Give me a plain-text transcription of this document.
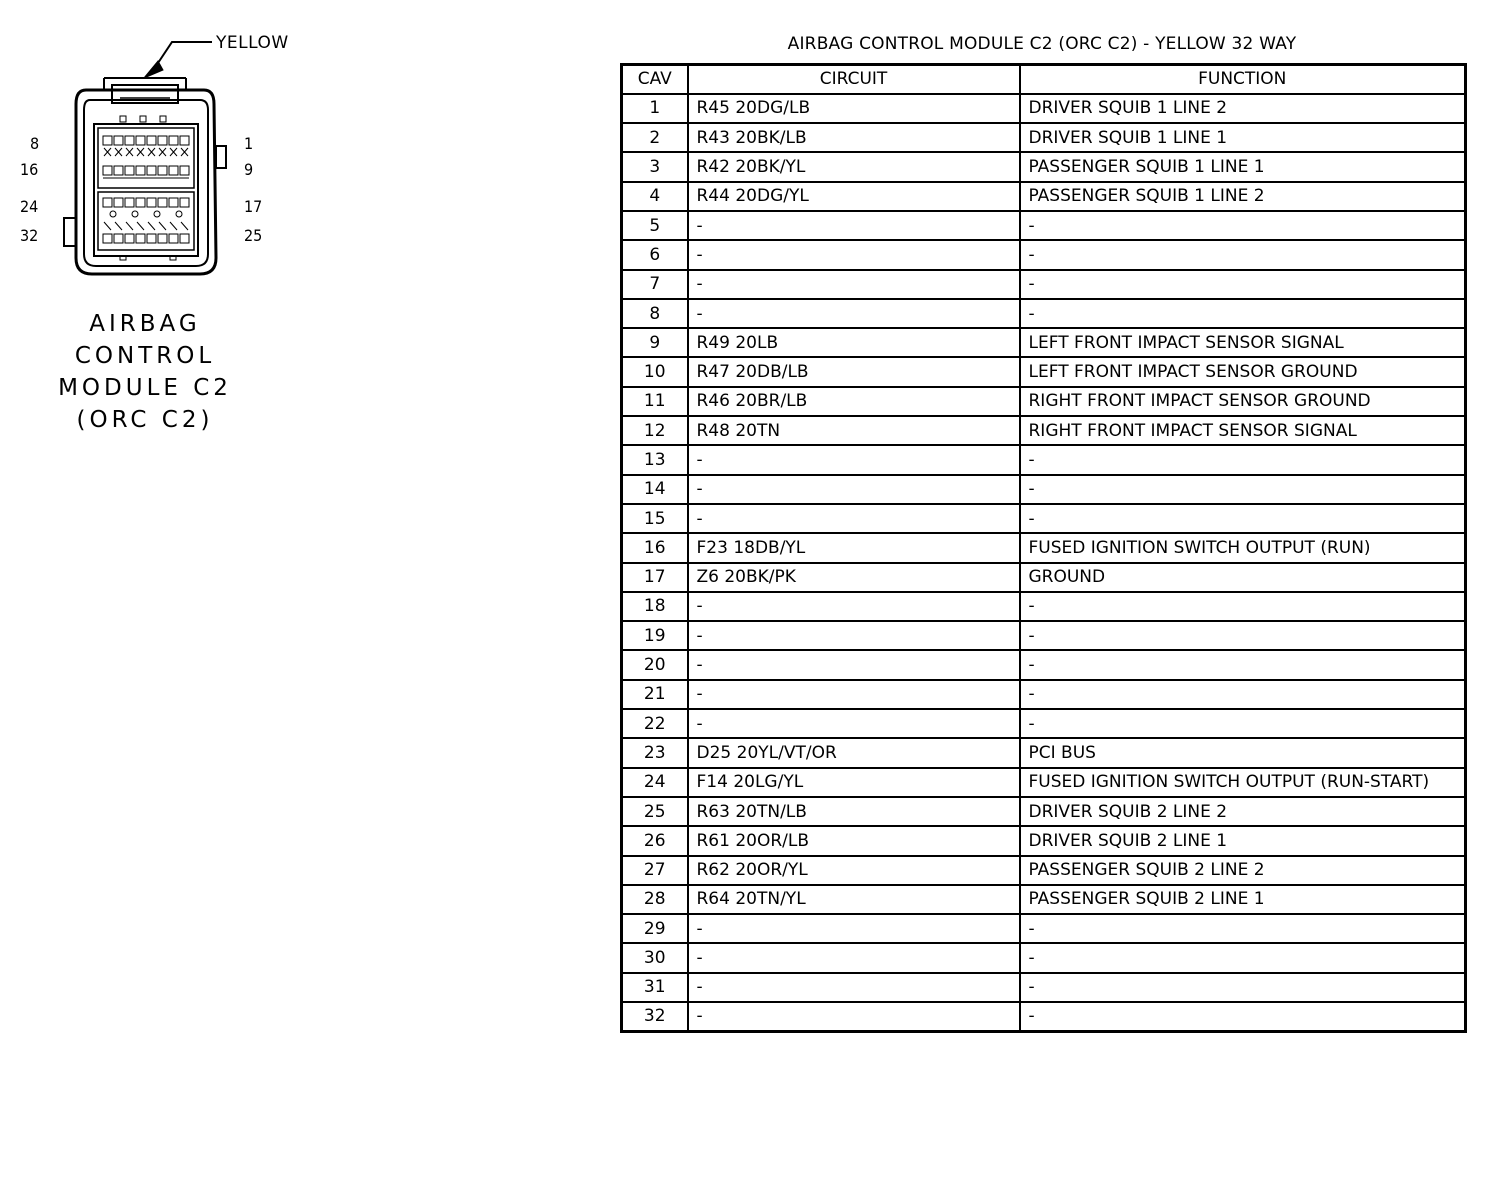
YELLOW
8
16
24
32
1
9
17
25
AIRBAG
CONTROL
MODULE C2
(ORC C2)
AIRBAG CONTROL MODULE C2 (ORC C2) - YELLOW 32 WAY
CAV	CIRCUIT	FUNCTION
1	R45 20DG/LB	DRIVER SQUIB 1 LINE 2
2	R43 20BK/LB	DRIVER SQUIB 1 LINE 1
3	R42 20BK/YL	PASSENGER SQUIB 1 LINE 1
4	R44 20DG/YL	PASSENGER SQUIB 1 LINE 2
5	-	-
6	-	-
7	-	-
8	-	-
9	R49 20LB	LEFT FRONT IMPACT SENSOR SIGNAL
10	R47 20DB/LB	LEFT FRONT IMPACT SENSOR GROUND
11	R46 20BR/LB	RIGHT FRONT IMPACT SENSOR GROUND
12	R48 20TN	RIGHT FRONT IMPACT SENSOR SIGNAL
13	-	-
14	-	-
15	-	-
16	F23 18DB/YL	FUSED IGNITION SWITCH OUTPUT (RUN)
17	Z6 20BK/PK	GROUND
18	-	-
19	-	-
20	-	-
21	-	-
22	-	-
23	D25 20YL/VT/OR	PCI BUS
24	F14 20LG/YL	FUSED IGNITION SWITCH OUTPUT (RUN-START)
25	R63 20TN/LB	DRIVER SQUIB 2 LINE 2
26	R61 20OR/LB	DRIVER SQUIB 2 LINE 1
27	R62 20OR/YL	PASSENGER SQUIB 2 LINE 2
28	R64 20TN/YL	PASSENGER SQUIB 2 LINE 1
29	-	-
30	-	-
31	-	-
32	-	-
